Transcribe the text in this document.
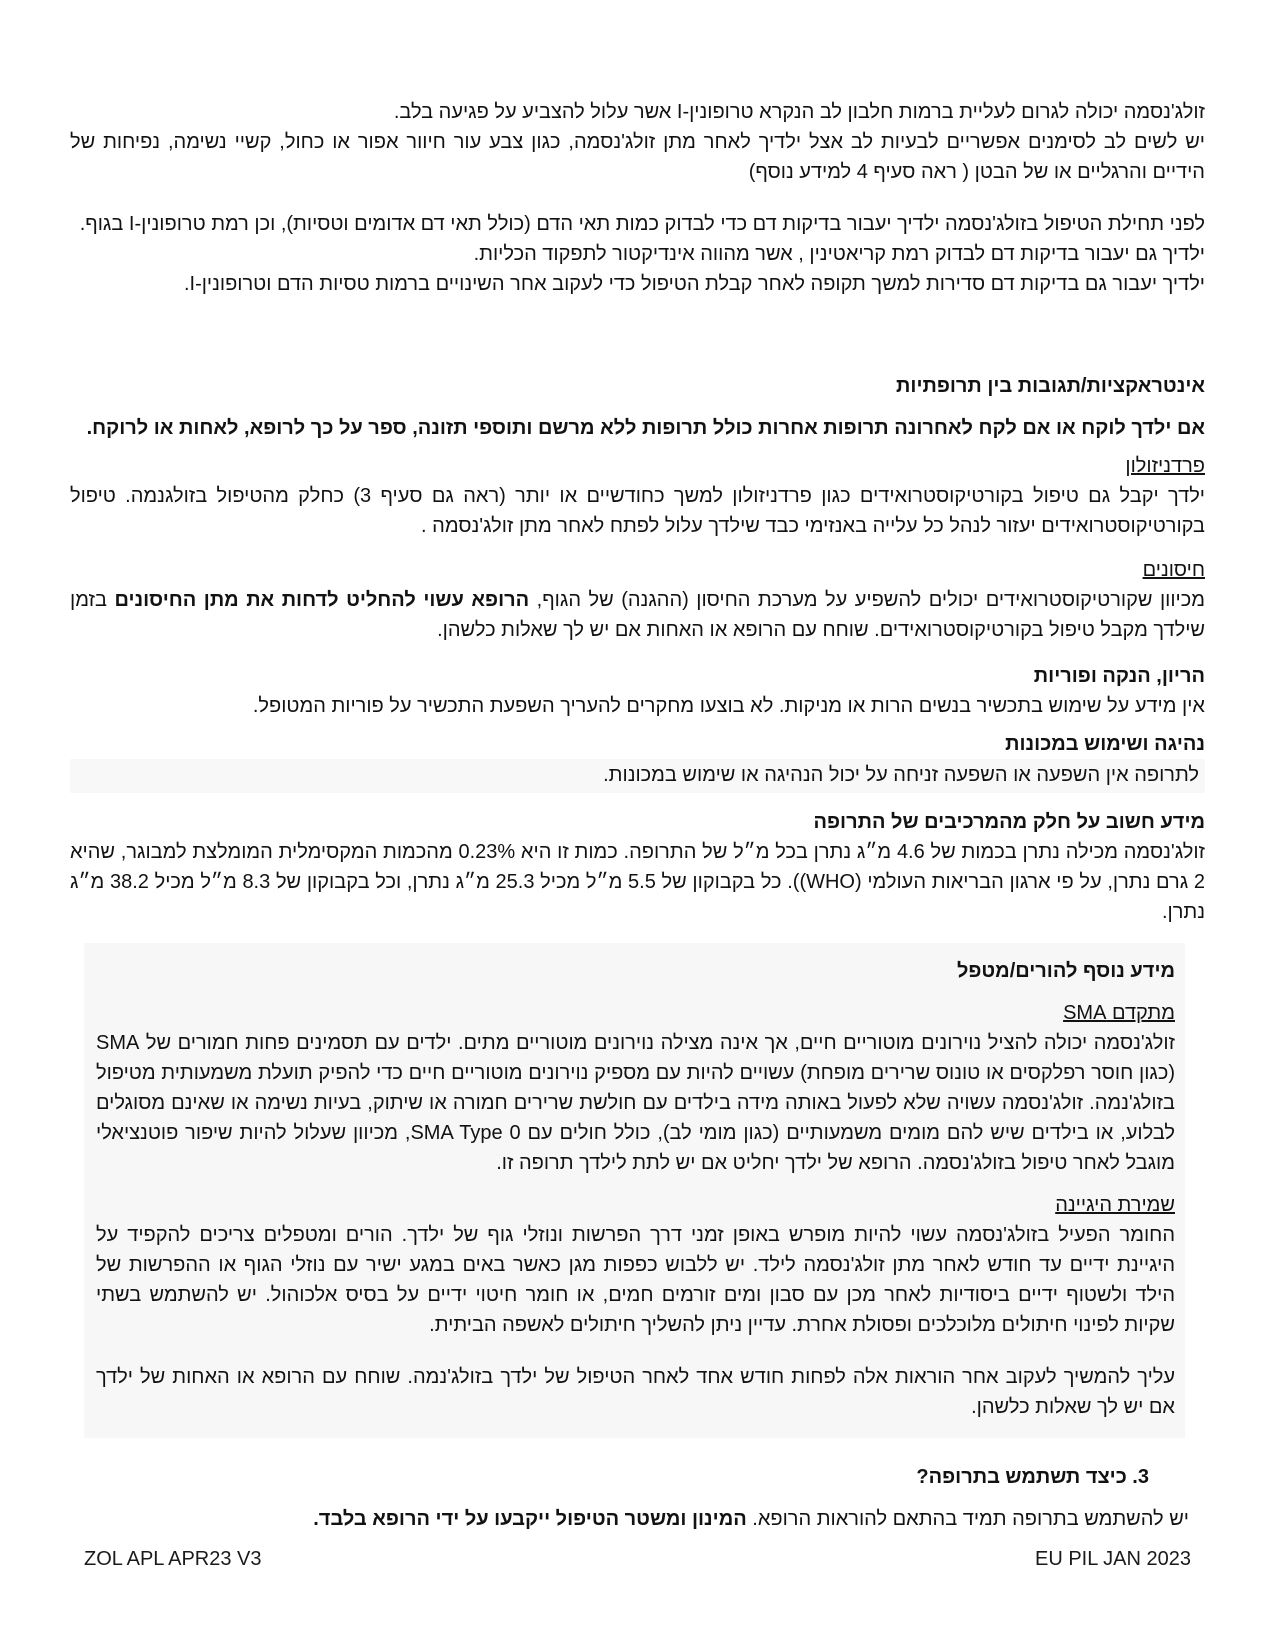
זולג'נסמה יכולה לגרום לעליית ברמות חלבון לב הנקרא טרופונין-I אשר עלול להצביע על פגיעה בלב.

יש לשים לב לסימנים אפשריים לבעיות לב אצל ילדיך לאחר מתן זולג'נסמה, כגון צבע עור חיוור אפור או כחול, קשיי נשימה, נפיחות של הידיים והרגליים או של הבטן ( ראה סעיף 4 למידע נוסף)

לפני תחילת הטיפול בזולג'נסמה ילדיך יעבור בדיקות דם כדי לבדוק כמות תאי הדם (כולל תאי דם אדומים וטסיות), וכן רמת טרופונין-I בגוף.

ילדיך גם יעבור בדיקות דם לבדוק רמת קריאטינין , אשר מהווה אינדיקטור לתפקוד הכליות.

ילדיך יעבור גם בדיקות דם סדירות למשך תקופה לאחר קבלת הטיפול כדי לעקוב אחר השינויים ברמות טסיות הדם וטרופונין-I.

אינטראקציות/תגובות בין תרופתיות

אם ילדך לוקח או אם לקח לאחרונה תרופות אחרות כולל תרופות ללא מרשם ותוספי תזונה, ספר על כך לרופא, לאחות או לרוקח.

פרדניזולון

ילדך יקבל גם טיפול בקורטיקוסטרואידים כגון פרדניזולון למשך כחודשיים או יותר (ראה גם סעיף 3) כחלק מהטיפול בזולגנמה. טיפול בקורטיקוסטרואידים יעזור לנהל כל עלייה באנזימי כבד שילדך עלול לפתח לאחר מתן זולג'נסמה .

חיסונים

מכיוון שקורטיקוסטרואידים יכולים להשפיע על מערכת החיסון (ההגנה) של הגוף, הרופא עשוי להחליט לדחות את מתן החיסונים בזמן שילדך מקבל טיפול בקורטיקוסטרואידים. שוחח עם הרופא או האחות אם יש לך שאלות כלשהן.

הריון, הנקה ופוריות

אין מידע על שימוש בתכשיר בנשים הרות או מניקות. לא בוצעו מחקרים להעריך השפעת התכשיר על פוריות המטופל.

נהיגה ושימוש במכונות

לתרופה אין השפעה או השפעה זניחה על יכול הנהיגה או שימוש במכונות.

מידע חשוב על חלק מהמרכיבים של התרופה

זולג'נסמה מכילה נתרן בכמות של 4.6 מ״ג נתרן בכל מ״ל של התרופה. כמות זו היא 0.23% מהכמות המקסימלית המומלצת למבוגר, שהיא 2 גרם נתרן, על פי ארגון הבריאות העולמי (WHO)). כל בקבוקון של 5.5 מ״ל מכיל 25.3 מ״ג נתרן, וכל בקבוקון של 8.3 מ״ל מכיל 38.2 מ״ג נתרן.

מידע נוסף להורים/מטפל
מתקדם SMA

זולג'נסמה יכולה להציל נוירונים מוטוריים חיים, אך אינה מצילה נוירונים מוטוריים מתים. ילדים עם תסמינים פחות חמורים של SMA (כגון חוסר רפלקסים או טונוס שרירים מופחת) עשויים להיות עם מספיק נוירונים מוטוריים חיים כדי להפיק תועלת משמעותית מטיפול בזולג'נמה. זולג'נסמה עשויה שלא לפעול באותה מידה בילדים עם חולשת שרירים חמורה או שיתוק, בעיות נשימה או שאינם מסוגלים לבלוע, או בילדים שיש להם מומים משמעותיים (כגון מומי לב), כולל חולים עם SMA Type 0, מכיוון שעלול להיות שיפור פוטנציאלי מוגבל לאחר טיפול בזולג'נסמה. הרופא של ילדך יחליט אם יש לתת לילדך תרופה זו.

שמירת היגיינה

החומר הפעיל בזולג'נסמה עשוי להיות מופרש באופן זמני דרך הפרשות ונוזלי גוף של ילדך. הורים ומטפלים צריכים להקפיד על היגיינת ידיים עד חודש לאחר מתן זולג'נסמה לילד. יש ללבוש כפפות מגן כאשר באים במגע ישיר עם נוזלי הגוף או ההפרשות של הילד ולשטוף ידיים ביסודיות לאחר מכן עם סבון ומים זורמים חמים, או חומר חיטוי ידיים על בסיס אלכוהול. יש להשתמש בשתי שקיות לפינוי חיתולים מלוכלכים ופסולת אחרת. עדיין ניתן להשליך חיתולים לאשפה הביתית.

עליך להמשיך לעקוב אחר הוראות אלה לפחות חודש אחד לאחר הטיפול של ילדך בזולג'נמה. שוחח עם הרופא או האחות של ילדך אם יש לך שאלות כלשהן.

3. כיצד תשתמש בתרופה?

יש להשתמש בתרופה תמיד בהתאם להוראות הרופא. המינון ומשטר הטיפול ייקבעו על ידי הרופא בלבד.

ZOL APL APR23 V3	EU PIL JAN 2023
